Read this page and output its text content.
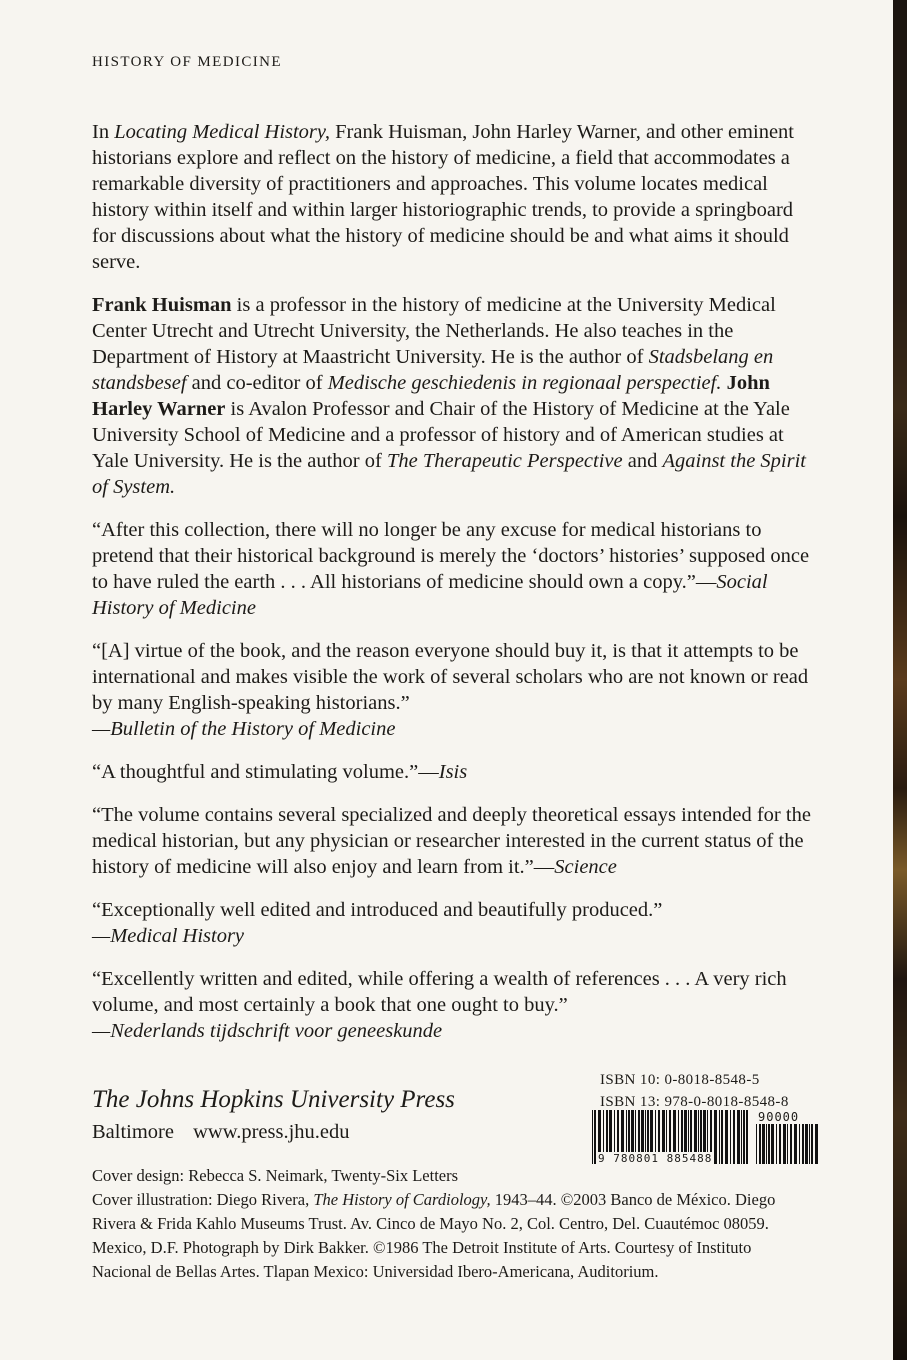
HISTORY OF MEDICINE

In Locating Medical History, Frank Huisman, John Harley Warner, and other eminent historians explore and reflect on the history of medicine, a field that accommodates a remarkable diversity of practitioners and approaches. This volume locates medical history within itself and within larger historiographic trends, to provide a springboard for discussions about what the history of medicine should be and what aims it should serve.

Frank Huisman is a professor in the history of medicine at the University Medical Center Utrecht and Utrecht University, the Netherlands. He also teaches in the Department of History at Maastricht University. He is the author of Stadsbelang en standsbesef and co-editor of Medische geschiedenis in regionaal perspectief. John Harley Warner is Avalon Professor and Chair of the History of Medicine at the Yale University School of Medicine and a professor of history and of American studies at Yale University. He is the author of The Therapeutic Perspective and Against the Spirit of System.

“After this collection, there will no longer be any excuse for medical historians to pretend that their historical background is merely the ‘doctors’ histories’ supposed once to have ruled the earth . . . All historians of medicine should own a copy.”—Social History of Medicine

“[A] virtue of the book, and the reason everyone should buy it, is that it attempts to be international and makes visible the work of several scholars who are not known or read by many English-speaking historians.”
—Bulletin of the History of Medicine

“A thoughtful and stimulating volume.”—Isis

“The volume contains several specialized and deeply theoretical essays intended for the medical historian, but any physician or researcher interested in the current status of the history of medicine will also enjoy and learn from it.”—Science

“Exceptionally well edited and introduced and beautifully produced.”
—Medical History

“Excellently written and edited, while offering a wealth of references . . . A very rich volume, and most certainly a book that one ought to buy.”
—Nederlands tijdschrift voor geneeskunde

The Johns Hopkins University Press
Baltimore www.press.jhu.edu
ISBN 10: 0-8018-8548-5
ISBN 13: 978-0-8018-8548-8
9 780801 885488
90000
Cover design: Rebecca S. Neimark, Twenty-Six Letters
Cover illustration: Diego Rivera, The History of Cardiology, 1943–44. ©2003 Banco de México. Diego Rivera & Frida Kahlo Museums Trust. Av. Cinco de Mayo No. 2, Col. Centro, Del. Cuautémoc 08059. Mexico, D.F. Photograph by Dirk Bakker. ©1986 The Detroit Institute of Arts. Courtesy of Instituto Nacional de Bellas Artes. Tlapan Mexico: Universidad Ibero-Americana, Auditorium.
